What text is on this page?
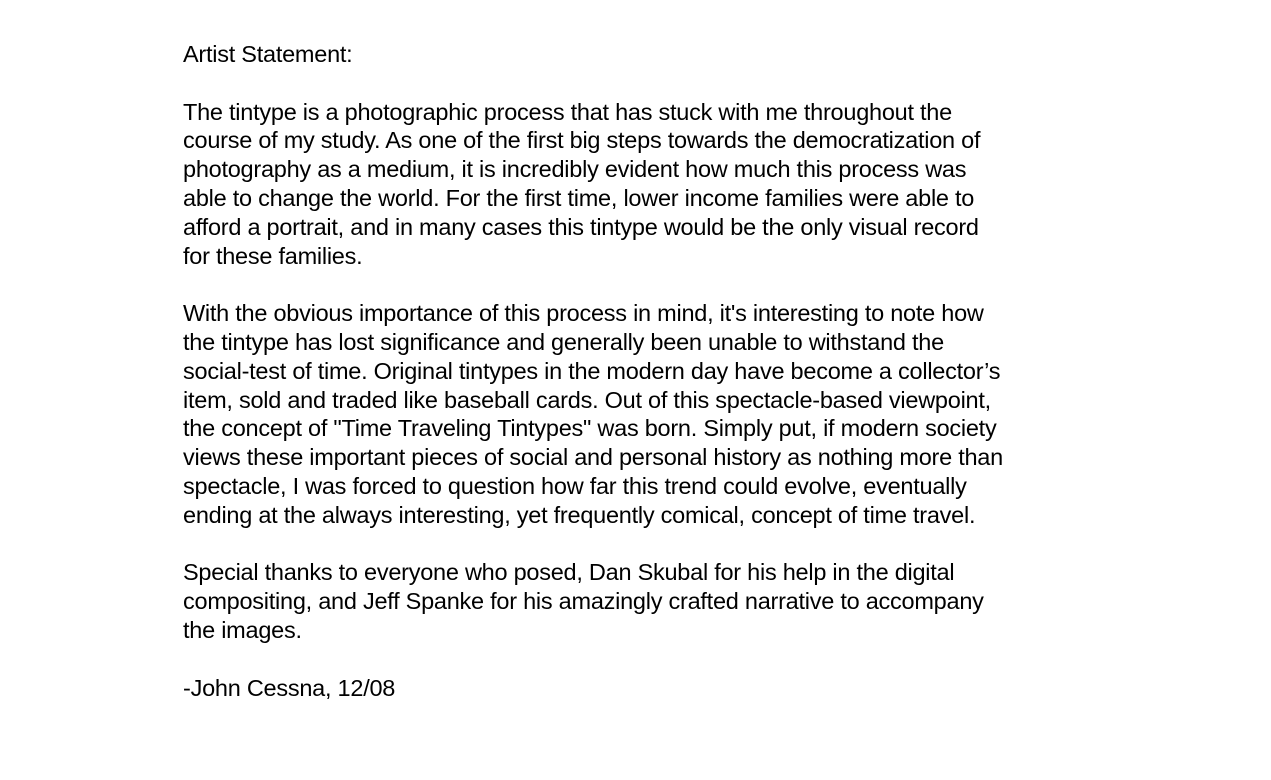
Artist Statement:

The tintype is a photographic process that has stuck with me throughout the
course of my study. As one of the first big steps towards the democratization of
photography as a medium, it is incredibly evident how much this process was
able to change the world. For the first time, lower income families were able to
afford a portrait, and in many cases this tintype would be the only visual record
for these families.

With the obvious importance of this process in mind, it's interesting to note how
the tintype has lost significance and generally been unable to withstand the
social-test of time. Original tintypes in the modern day have become a collector’s
item, sold and traded like baseball cards. Out of this spectacle-based viewpoint,
the concept of "Time Traveling Tintypes" was born. Simply put, if modern society
views these important pieces of social and personal history as nothing more than
spectacle, I was forced to question how far this trend could evolve, eventually
ending at the always interesting, yet frequently comical, concept of time travel.

Special thanks to everyone who posed, Dan Skubal for his help in the digital
compositing, and Jeff Spanke for his amazingly crafted narrative to accompany
the images.

-John Cessna, 12/08
